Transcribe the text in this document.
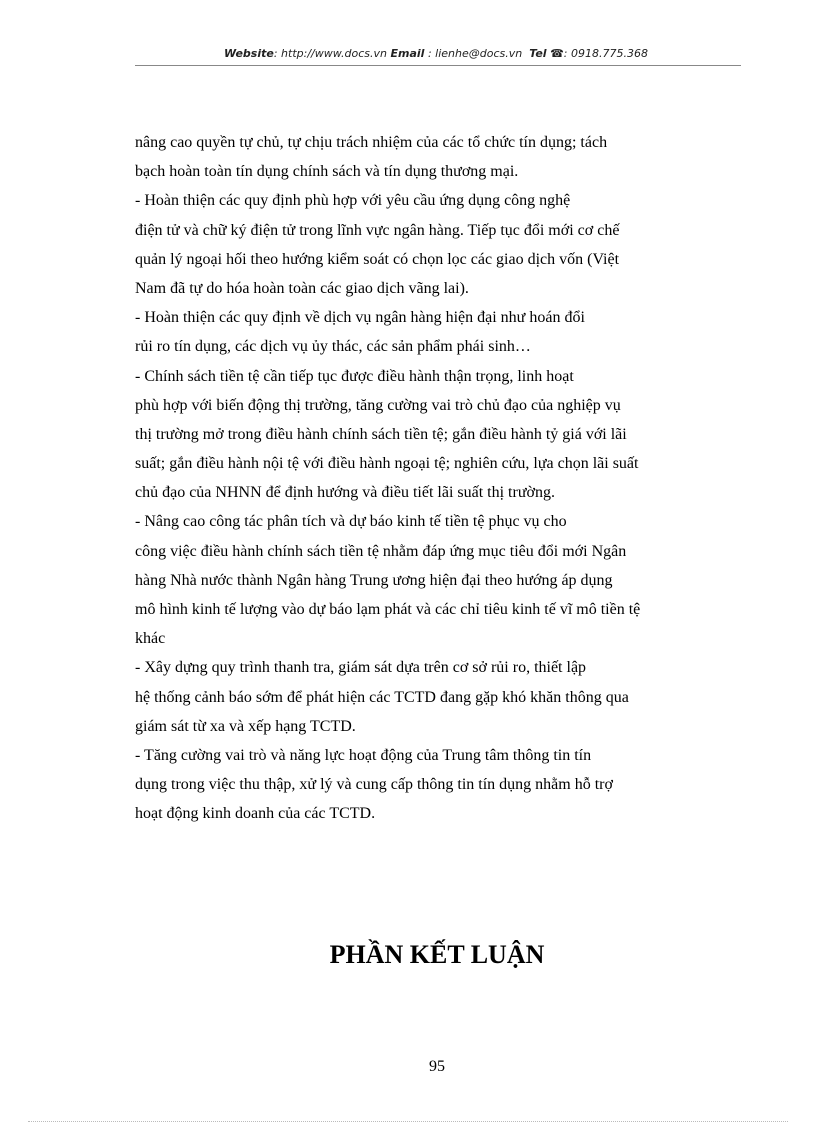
Website: http://www.docs.vn Email : lienhe@docs.vn Tel ☎: 0918.775.368
nâng cao quyền tự chủ, tự chịu trách nhiệm của các tổ chức tín dụng; tách
bạch hoàn toàn tín dụng chính sách và tín dụng thương mại.
- Hoàn thiện các quy định phù hợp với yêu cầu ứng dụng công nghệ
điện tử và chữ ký điện tử trong lĩnh vực ngân hàng. Tiếp tục đổi mới cơ chế
quản lý ngoại hối theo hướng kiểm soát có chọn lọc các giao dịch vốn (Việt
Nam đã tự do hóa hoàn toàn các giao dịch vãng lai).
- Hoàn thiện các quy định về dịch vụ ngân hàng hiện đại như hoán đổi
rủi ro tín dụng, các dịch vụ ủy thác, các sản phẩm phái sinh…
- Chính sách tiền tệ cần tiếp tục được điều hành thận trọng, linh hoạt
phù hợp với biến động thị trường, tăng cường vai trò chủ đạo của nghiệp vụ
thị trường mở trong điều hành chính sách tiền tệ; gắn điều hành tỷ giá với lãi
suất; gắn điều hành nội tệ với điều hành ngoại tệ; nghiên cứu, lựa chọn lãi suất
chủ đạo của NHNN để định hướng và điều tiết lãi suất thị trường.
- Nâng cao công tác phân tích và dự báo kinh tế tiền tệ phục vụ cho
công việc điều hành chính sách tiền tệ nhằm đáp ứng mục tiêu đổi mới Ngân
hàng Nhà nước thành Ngân hàng Trung ương hiện đại theo hướng áp dụng
mô hình kinh tế lượng vào dự báo lạm phát và các chỉ tiêu kinh tế vĩ mô tiền tệ
khác
- Xây dựng quy trình thanh tra, giám sát dựa trên cơ sở rủi ro, thiết lập
hệ thống cảnh báo sớm để phát hiện các TCTD đang gặp khó khăn thông qua
giám sát từ xa và xếp hạng TCTD.
- Tăng cường vai trò và năng lực hoạt động của Trung tâm thông tin tín
dụng trong việc thu thập, xử lý và cung cấp thông tin tín dụng nhằm hỗ trợ
hoạt động kinh doanh của các TCTD.
PHẦN KẾT LUẬN
95
